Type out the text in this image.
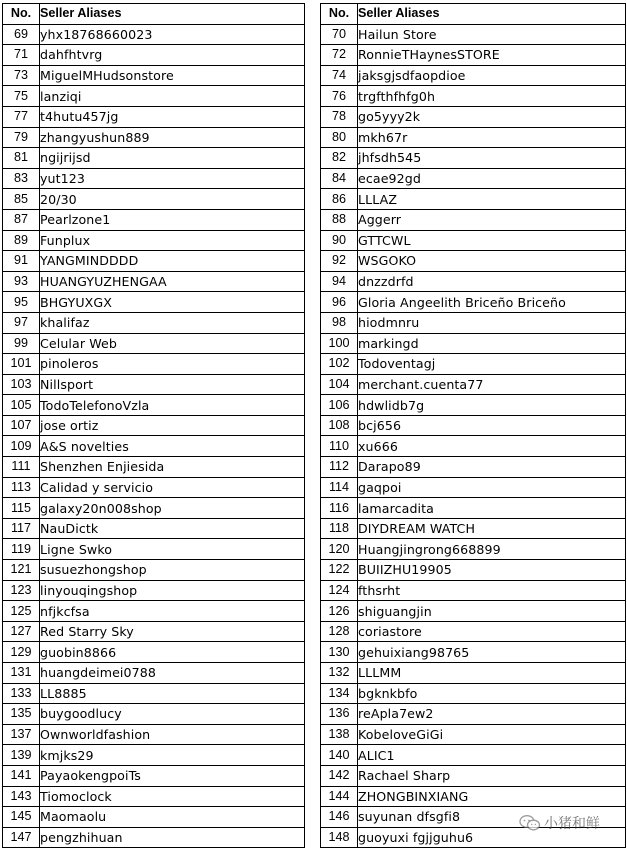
No.	Seller Aliases
69	yhx18768660023
71	dahfhtvrg
73	MiguelMHudsonstore
75	lanziqi
77	t4hutu457jg
79	zhangyushun889
81	ngijrijsd
83	yut123
85	20/30
87	Pearlzone1
89	Funplux
91	YANGMINDDDD
93	HUANGYUZHENGAA
95	BHGYUXGX
97	khalifaz
99	Celular Web
101	pinoleros
103	Nillsport
105	TodoTelefonoVzla
107	jose ortiz
109	A&S novelties
111	Shenzhen Enjiesida
113	Calidad y servicio
115	galaxy20n008shop
117	NauDictk
119	Ligne Swko
121	susuezhongshop
123	linyouqingshop
125	nfjkcfsa
127	Red Starry Sky
129	guobin8866
131	huangdeimei0788
133	LL8885
135	buygoodlucy
137	Ownworldfashion
139	kmjks29
141	PayaokengpoiTs
143	Tiomoclock
145	Maomaolu
147	pengzhihuan
No.	Seller Aliases
70	Hailun Store
72	RonnieTHaynesSTORE
74	jaksgjsdfaopdioe
76	trgfthfhfg0h
78	go5yyy2k
80	mkh67r
82	jhfsdh545
84	ecae92gd
86	LLLAZ
88	Aggerr
90	GTTCWL
92	WSGOKO
94	dnzzdrfd
96	Gloria Angeelith Briceño Briceño
98	hiodmnru
100	markingd
102	Todoventagj
104	merchant.cuenta77
106	hdwlidb7g
108	bcj656
110	xu666
112	Darapo89
114	gaqpoi
116	lamarcadita
118	DIYDREAM WATCH
120	Huangjingrong668899
122	BUIIZHU19905
124	fthsrht
126	shiguangjin
128	coriastore
130	gehuixiang98765
132	LLLMM
134	bgknkbfo
136	reApla7ew2
138	KobeloveGiGi
140	ALIC1
142	Rachael Sharp
144	ZHONGBINXIANG
146	suyunan dfsgfi8
148	guoyuxi fgjjguhu6
小猪和鲜
